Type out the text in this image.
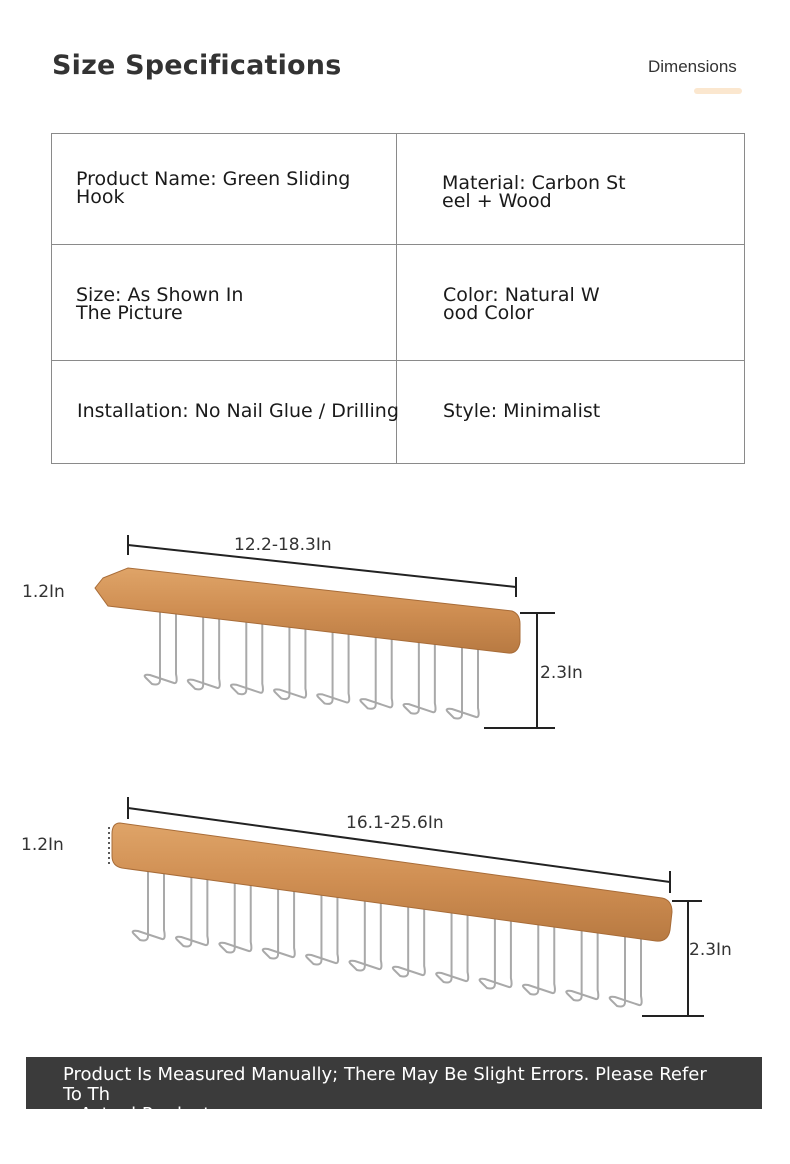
Size Specifications	Dimensions
Product Name: Green Sliding
Hook
Material: Carbon St
eel + Wood
Size: As Shown In
The Picture
Color: Natural W
ood Color
Installation: No Nail Glue / Drilling	Style: Minimalist
12.2-18.3In
1.2In
2.3In
16.1-25.6In
1.2In
2.3In
Product Is Measured Manually; There May Be Slight Errors. Please Refer To Th
e Actual Product.
